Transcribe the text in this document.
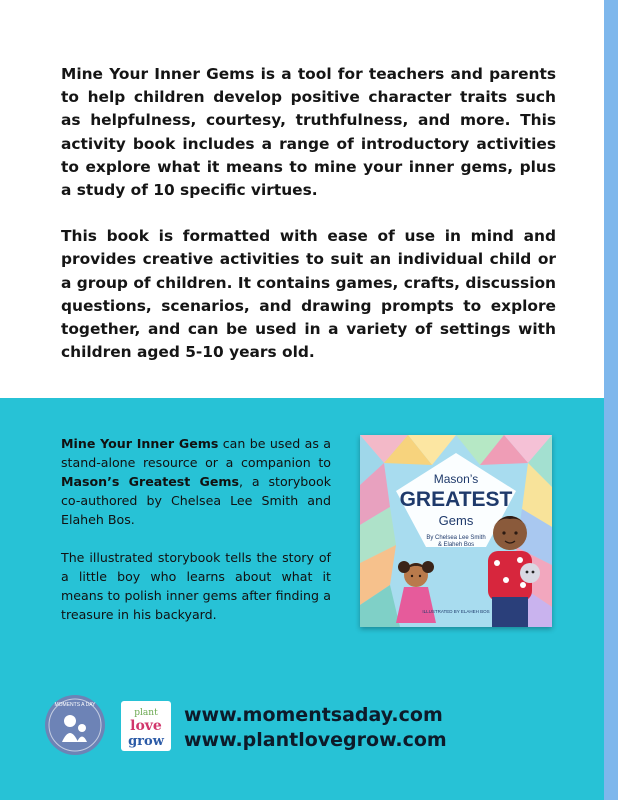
Mine Your Inner Gems is a tool for teachers and parents to help children develop positive character traits such as helpfulness, courtesy, truthfulness, and more. This activity book includes a range of introductory activities to explore what it means to mine your inner gems, plus a study of 10 specific virtues.

This book is formatted with ease of use in mind and provides creative activities to suit an individual child or a group of children. It contains games, crafts, discussion questions, scenarios, and drawing prompts to explore together, and can be used in a variety of settings with children aged 5-10 years old.

Mine Your Inner Gems can be used as a stand-alone resource or a companion to Mason’s Greatest Gems, a storybook co-authored by Chelsea Lee Smith and Elaheh Bos.

The illustrated storybook tells the story of a little boy who learns about what it means to polish inner gems after finding a treasure in his backyard.

Mason’s
GREATEST
Gems
By Chelsea Lee Smith
& Elaheh Bos
ILLUSTRATED BY ELAHEH BOS
MOMENTS A DAY
plant
love
grow
www.momentsaday.com
www.plantlovegrow.com
